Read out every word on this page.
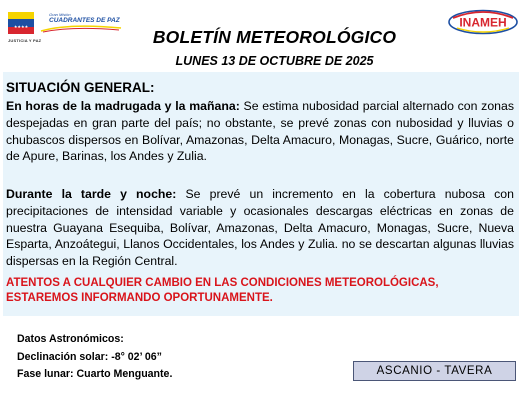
★★★★
JUSTICIA Y PAZ
Gran Misión
CUADRANTES DE PAZ	INAMEH
BOLETÍN METEOROLÓGICO
LUNES 13 DE OCTUBRE DE 2025
SITUACIÓN GENERAL:
En horas de la madrugada y la mañana: Se estima nubosidad parcial alternado con zonas despejadas en gran parte del país; no obstante, se prevé zonas con nubosidad y lluvias o chubascos dispersos en Bolívar, Amazonas, Delta Amacuro, Monagas, Sucre, Guárico, norte de Apure, Barinas, los Andes y Zulia.
Durante la tarde y noche: Se prevé un incremento en la cobertura nubosa con precipitaciones de intensidad variable y ocasionales descargas eléctricas en zonas de nuestra Guayana Esequiba, Bolívar, Amazonas, Delta Amacuro, Monagas, Sucre, Nueva Esparta, Anzoátegui, Llanos Occidentales, los Andes y Zulia. no se descartan algunas lluvias dispersas en la Región Central.
ATENTOS A CUALQUIER CAMBIO EN LAS CONDICIONES METEOROLÓGICAS,
ESTAREMOS INFORMANDO OPORTUNAMENTE.
Datos Astronómicos:
Declinación solar: -8° 02’ 06”
Fase lunar: Cuarto Menguante.	ASCANIO - TAVERA
